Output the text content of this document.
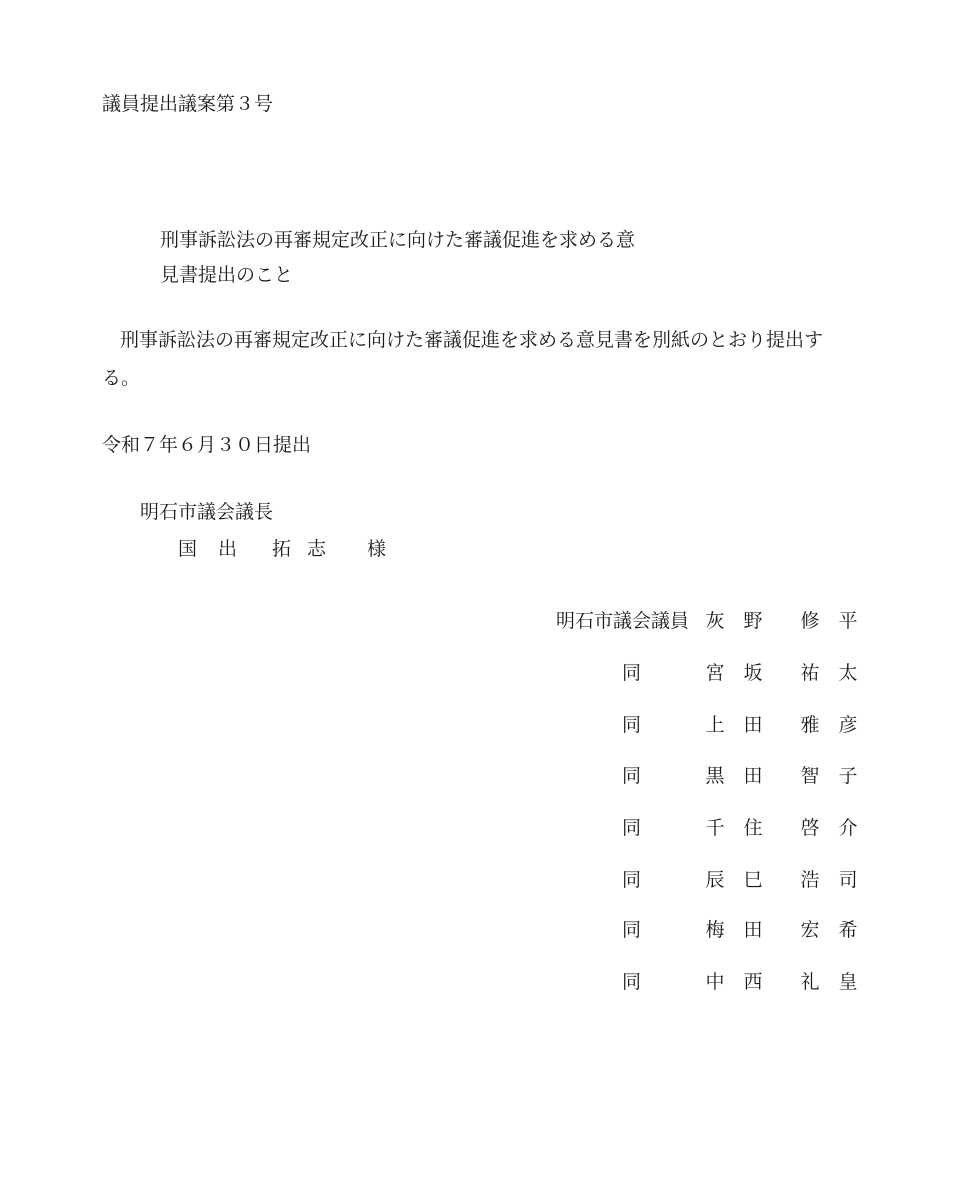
議員提出議案第３号
刑事訴訟法の再審規定改正に向けた審議促進を求める意
見書提出のこと
刑事訴訟法の再審規定改正に向けた審議促進を求める意見書を別紙のとおり提出す
る。
令和７年６月３０日提出
明石市議会議長
国	出	拓 志	様
明石市議会議員 灰 野 修 平
同	宮 坂 祐 太
同	上 田 雅 彦
同	黒 田 智 子
同	千 住 啓 介
同	辰 巳 浩 司
同	梅 田 宏 希
同	中 西 礼 皇
